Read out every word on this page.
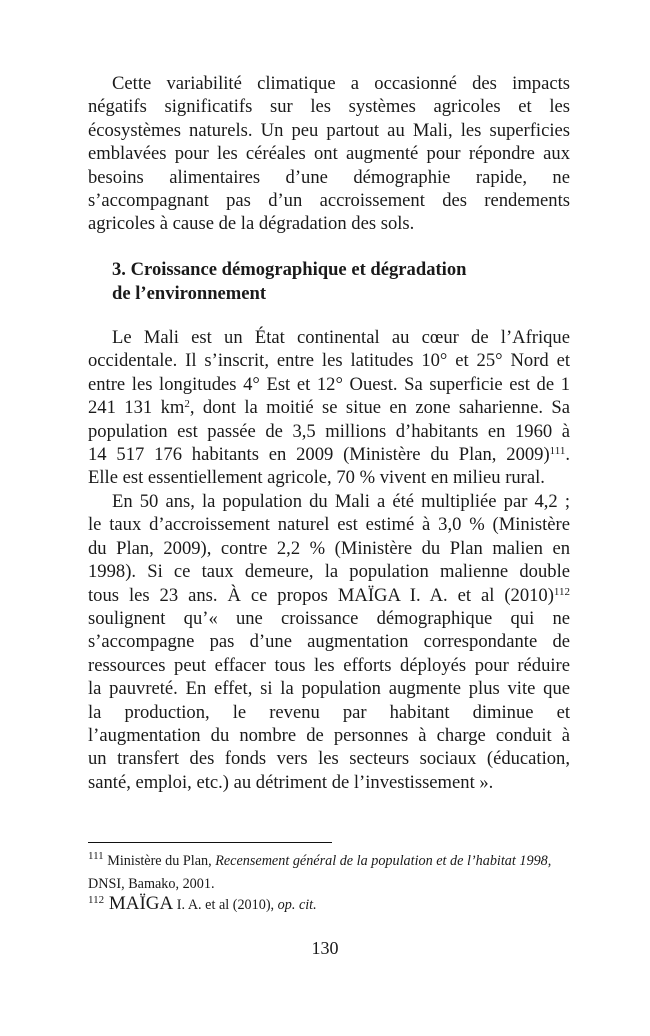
Cette variabilité climatique a occasionné des impacts
négatifs significatifs sur les systèmes agricoles et les
écosystèmes naturels. Un peu partout au Mali, les superficies
emblavées pour les céréales ont augmenté pour répondre aux
besoins alimentaires d’une démographie rapide, ne
s’accompagnant pas d’un accroissement des rendements
agricoles à cause de la dégradation des sols.
3. Croissance démographique et dégradation
de l’environnement
Le Mali est un État continental au cœur de l’Afrique
occidentale. Il s’inscrit, entre les latitudes 10° et 25° Nord et
entre les longitudes 4° Est et 12° Ouest. Sa superficie est de 1
241 131 $km^2$, dont la moitié se situe en zone saharienne. Sa
population est passée de 3,5 millions d’habitants en 1960 à
14 517 176 habitants en 2009 (Ministère du Plan, 2009)$^{111}$.
Elle est essentiellement agricole, 70 % vivent en milieu rural.
En 50 ans, la population du Mali a été multipliée par 4,2 ;
le taux d’accroissement naturel est estimé à 3,0 % (Ministère
du Plan, 2009), contre 2,2 % (Ministère du Plan malien en
1998). Si ce taux demeure, la population malienne double
tous les 23 ans. À ce propos MAÏGA I. A. et al $(2010)^{112}$
soulignent qu’« une croissance démographique qui ne
s’accompagne pas d’une augmentation correspondante de
ressources peut effacer tous les efforts déployés pour réduire
la pauvreté. En effet, si la population augmente plus vite que
la production, le revenu par habitant diminue et
l’augmentation du nombre de personnes à charge conduit à
un transfert des fonds vers les secteurs sociaux (éducation,
santé, emploi, etc.) au détriment de l’investissement ».
$^{111}$ Ministère du Plan, Recensement général de la population et de l’habitat 1998,
DNSI, Bamako, 2001.
$^{112}$ MAÏGA I. A. et al (2010), op. cit.
130
